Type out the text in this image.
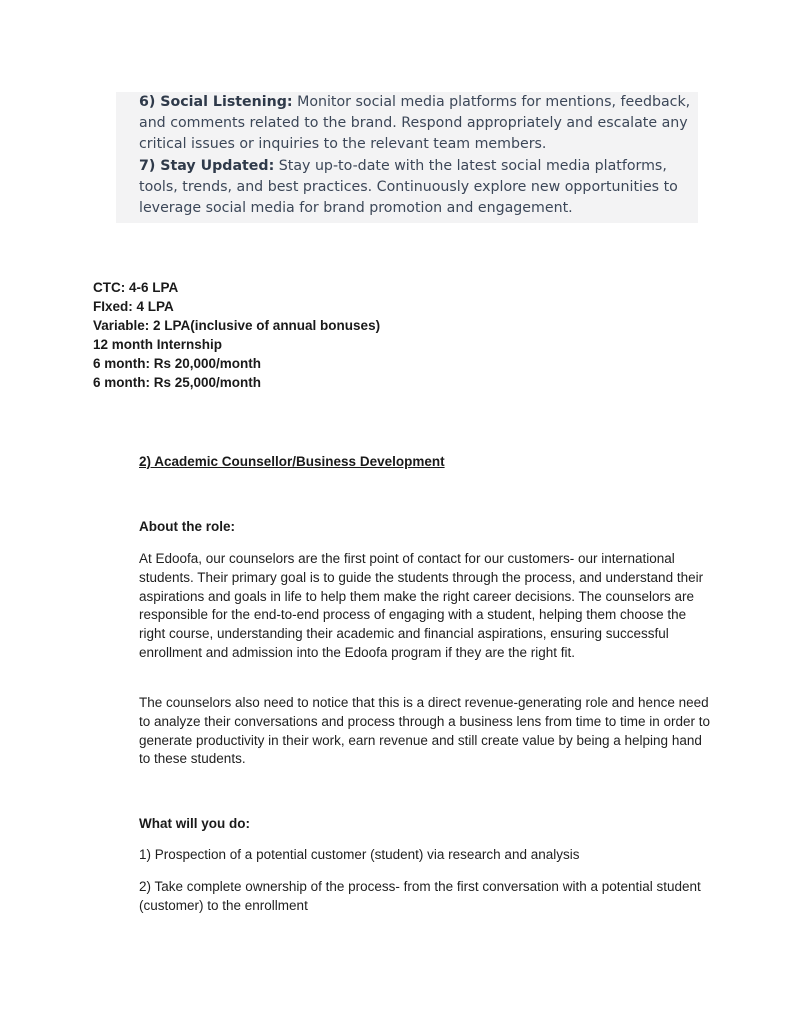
6) Social Listening: Monitor social media platforms for mentions, feedback, and comments related to the brand. Respond appropriately and escalate any critical issues or inquiries to the relevant team members.

7) Stay Updated: Stay up-to-date with the latest social media platforms, tools, trends, and best practices. Continuously explore new opportunities to leverage social media for brand promotion and engagement.

CTC: 4-6 LPA
FIxed: 4 LPA
Variable: 2 LPA(inclusive of annual bonuses)
12 month Internship
6 month: Rs 20,000/month
6 month: Rs 25,000/month
2) Academic Counsellor/Business Development
About the role:

At Edoofa, our counselors are the first point of contact for our customers- our international students. Their primary goal is to guide the students through the process, and understand their aspirations and goals in life to help them make the right career decisions. The counselors are responsible for the end-to-end process of engaging with a student, helping them choose the right course, understanding their academic and financial aspirations, ensuring successful enrollment and admission into the Edoofa program if they are the right fit.

The counselors also need to notice that this is a direct revenue-generating role and hence need to analyze their conversations and process through a business lens from time to time in order to generate productivity in their work, earn revenue and still create value by being a helping hand to these students.

What will you do:

1) Prospection of a potential customer (student) via research and analysis

2) Take complete ownership of the process- from the first conversation with a potential student (customer) to the enrollment
